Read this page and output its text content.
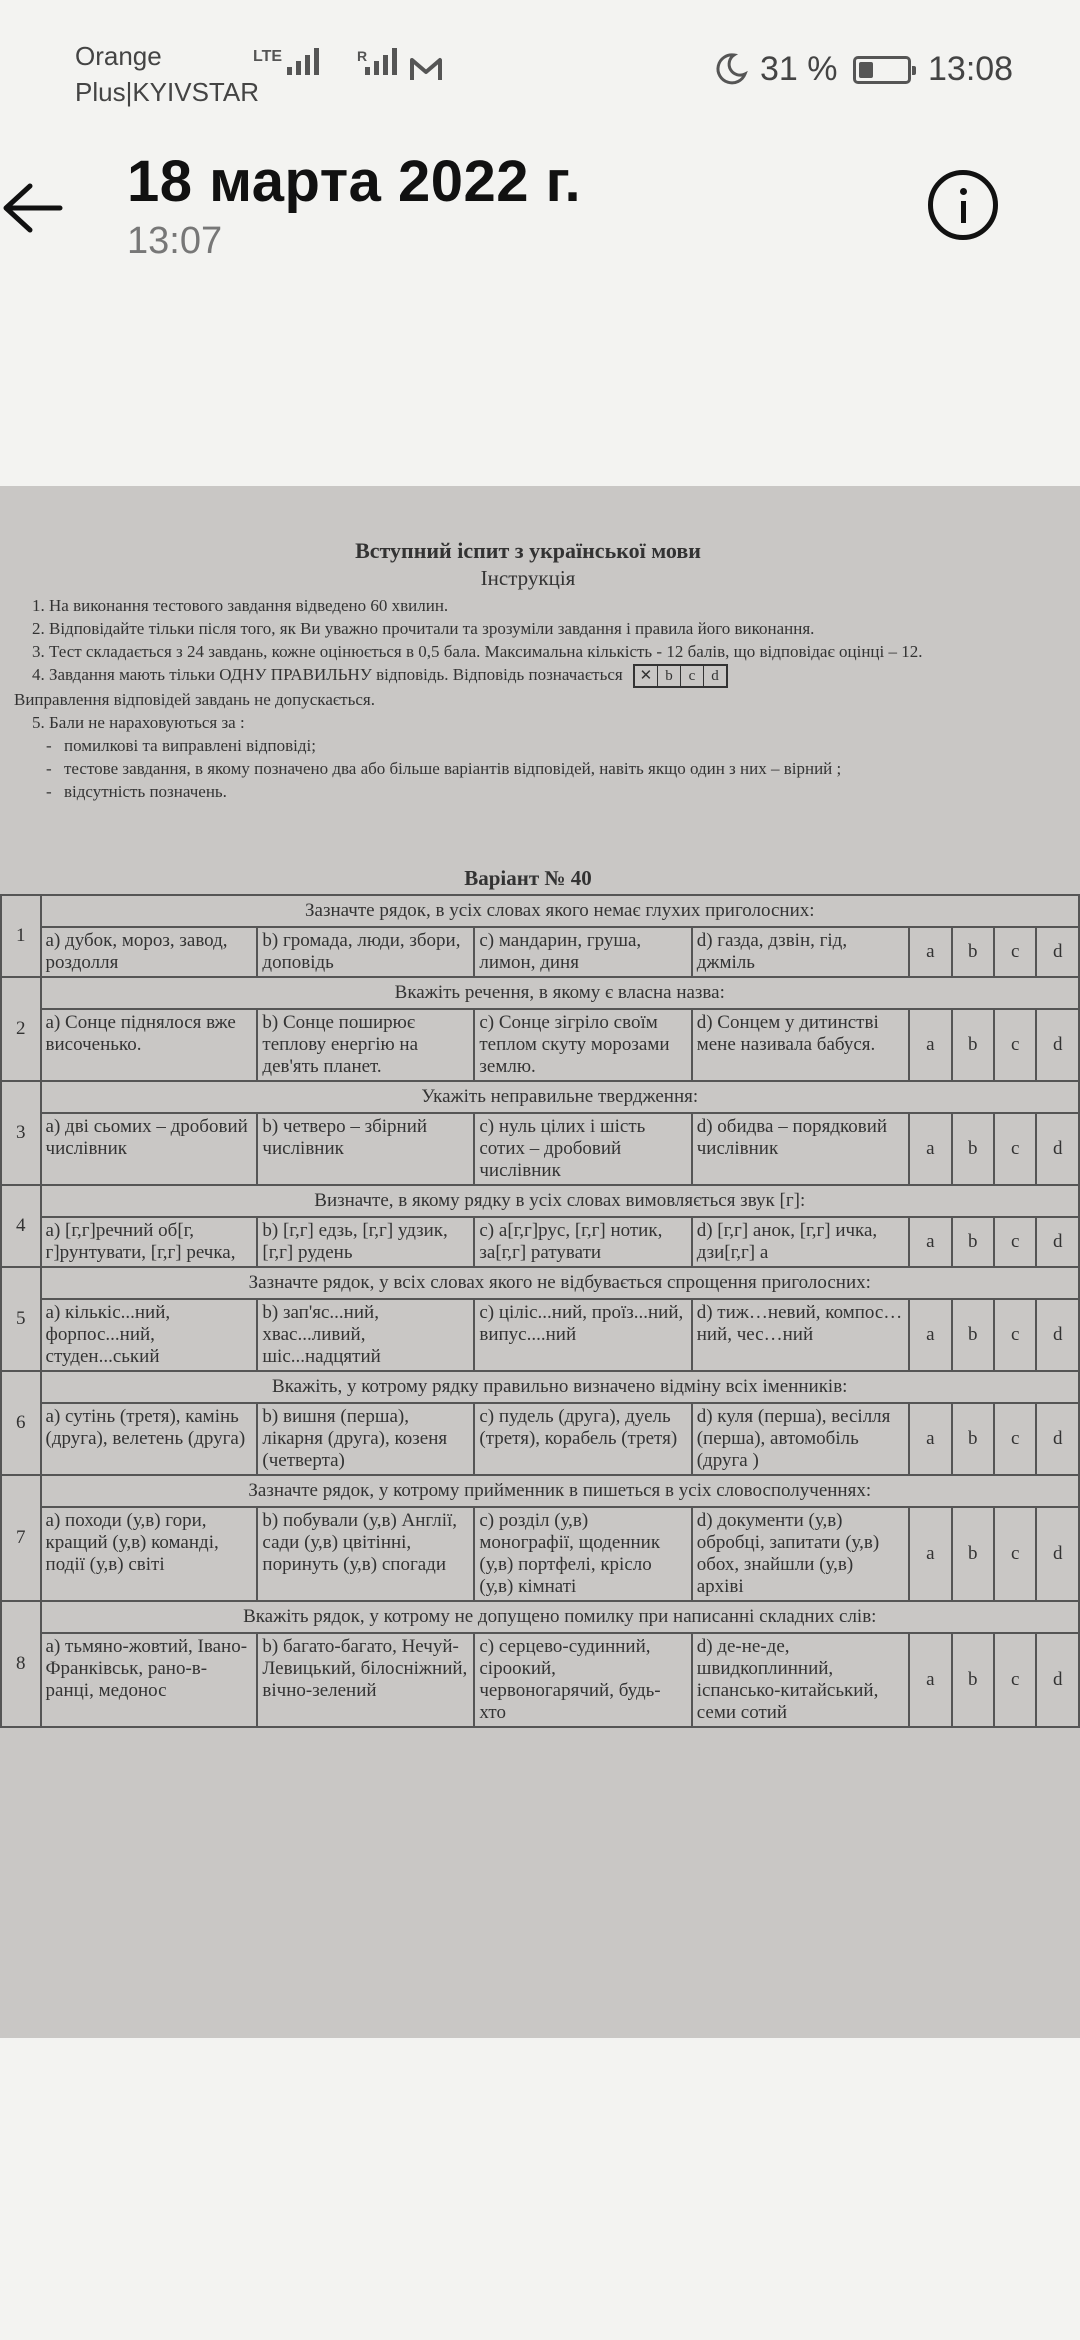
Orange
Plus|KYIVSTAR
LTE	R	31 %	13:08
18 марта 2022 г.
13:07
Вступний іспит з української мови
Інструкція
1. На виконання тестового завдання відведено 60 хвилин.
2. Відповідайте тільки після того, як Ви уважно прочитали та зрозуміли завдання і правила його виконання.
3. Тест складається з 24 завдань, кожне оцінюється в 0,5 бала. Максимальна кількість - 12 балів, що відповідає оцінці – 12.
4. Завдання мають тільки ОДНУ ПРАВИЛЬНУ відповідь. Відповідь позначається	✕ b	c	d
Виправлення відповідей завдань не допускається.
5. Бали не нараховуються за :
- помилкові та виправлені відповіді;
- тестове завдання, в якому позначено два або більше варіантів відповідей, навіть якщо один з них – вірний ;
- відсутність позначень.
Варіант № 40
1	Зазначте рядок, в усіх словах якого немає глухих приголосних:							
	а) дубок, мороз, завод, роздолля	b) громада, люди, збори, доповідь	c) мандарин, груша, лимон, диня	d) газда, дзвін, гід, джміль	a	b	c	d
2	Вкажіть речення, в якому є власна назва:							
	а) Сонце піднялося вже височенько.	b) Сонце поширює теплову енергію на дев'ять планет.	c) Сонце зігріло своїм теплом скуту морозами землю.	d) Сонцем у дитинстві мене називала бабуся.	a	b	c	d
3	Укажіть неправильне твердження:							
	а) дві сьомих – дробовий числівник	b) четверо – збірний числівник	c) нуль цілих і шість сотих – дробовий числівник	d) обидва – порядковий числівник	a	b	c	d
4	Визначте, в якому рядку в усіх словах вимовляється звук [г]:							
	а) [г,г]речний об[г, г]рунтувати, [г,г] речка,	b) [г,г] едзь, [г,г] удзик, [г,г] рудень	c) а[г,г]рус, [г,г] нотик, за[г,г] ратувати	d) [г,г] анок, [г,г] ичка, дзи[г,г] а	a	b	c	d
5	Зазначте рядок, у всіх словах якого не відбувається спрощення приголосних:							
	а) кількіс...ний, форпос...ний, студен...ський	b) зап'яс...ний, хвас...ливий, шіс...надцятий	c) ціліс...ний, проїз...ний, випус....ний	d) тиж…невий, компос…ний, чес…ний	a	b	c	d
6	Вкажіть, у котрому рядку правильно визначено відміну всіх іменників:							
	а) сутінь (третя), камінь (друга), велетень (друга)	b) вишня (перша), лікарня (друга), козеня (четверта)	c) пудель (друга), дуель (третя), корабель (третя)	d) куля (перша), весілля (перша), автомобіль (друга )	a	b	c	d
7	Зазначте рядок, у котрому прийменник в пишеться в усіх словосполученнях:							
	а) походи (у,в) гори, кращий (у,в) команді, події (у,в) світі	b) побували (у,в) Англії, сади (у,в) цвітінні, поринуть (у,в) спогади	c) розділ (у,в) монографії, щоденник (у,в) портфелі, крісло (у,в) кімнаті	d) документи (у,в) обробці, запитати (у,в) обох, знайшли (у,в) архіві	a	b	c	d
8	Вкажіть рядок, у котрому не допущено помилку при написанні складних слів:							
	а) тьмяно-жовтий, Івано-Франківськ, рано-в-ранці, медонос	b) багато-багато, Нечуй-Левицький, білосніжний, вічно-зелений	c) серцево-судинний, сіроокий, червоногарячий, будь-хто	d) де-не-де, швидкоплинний, іспансько-китайський, семи сотий	a	b	c	d
